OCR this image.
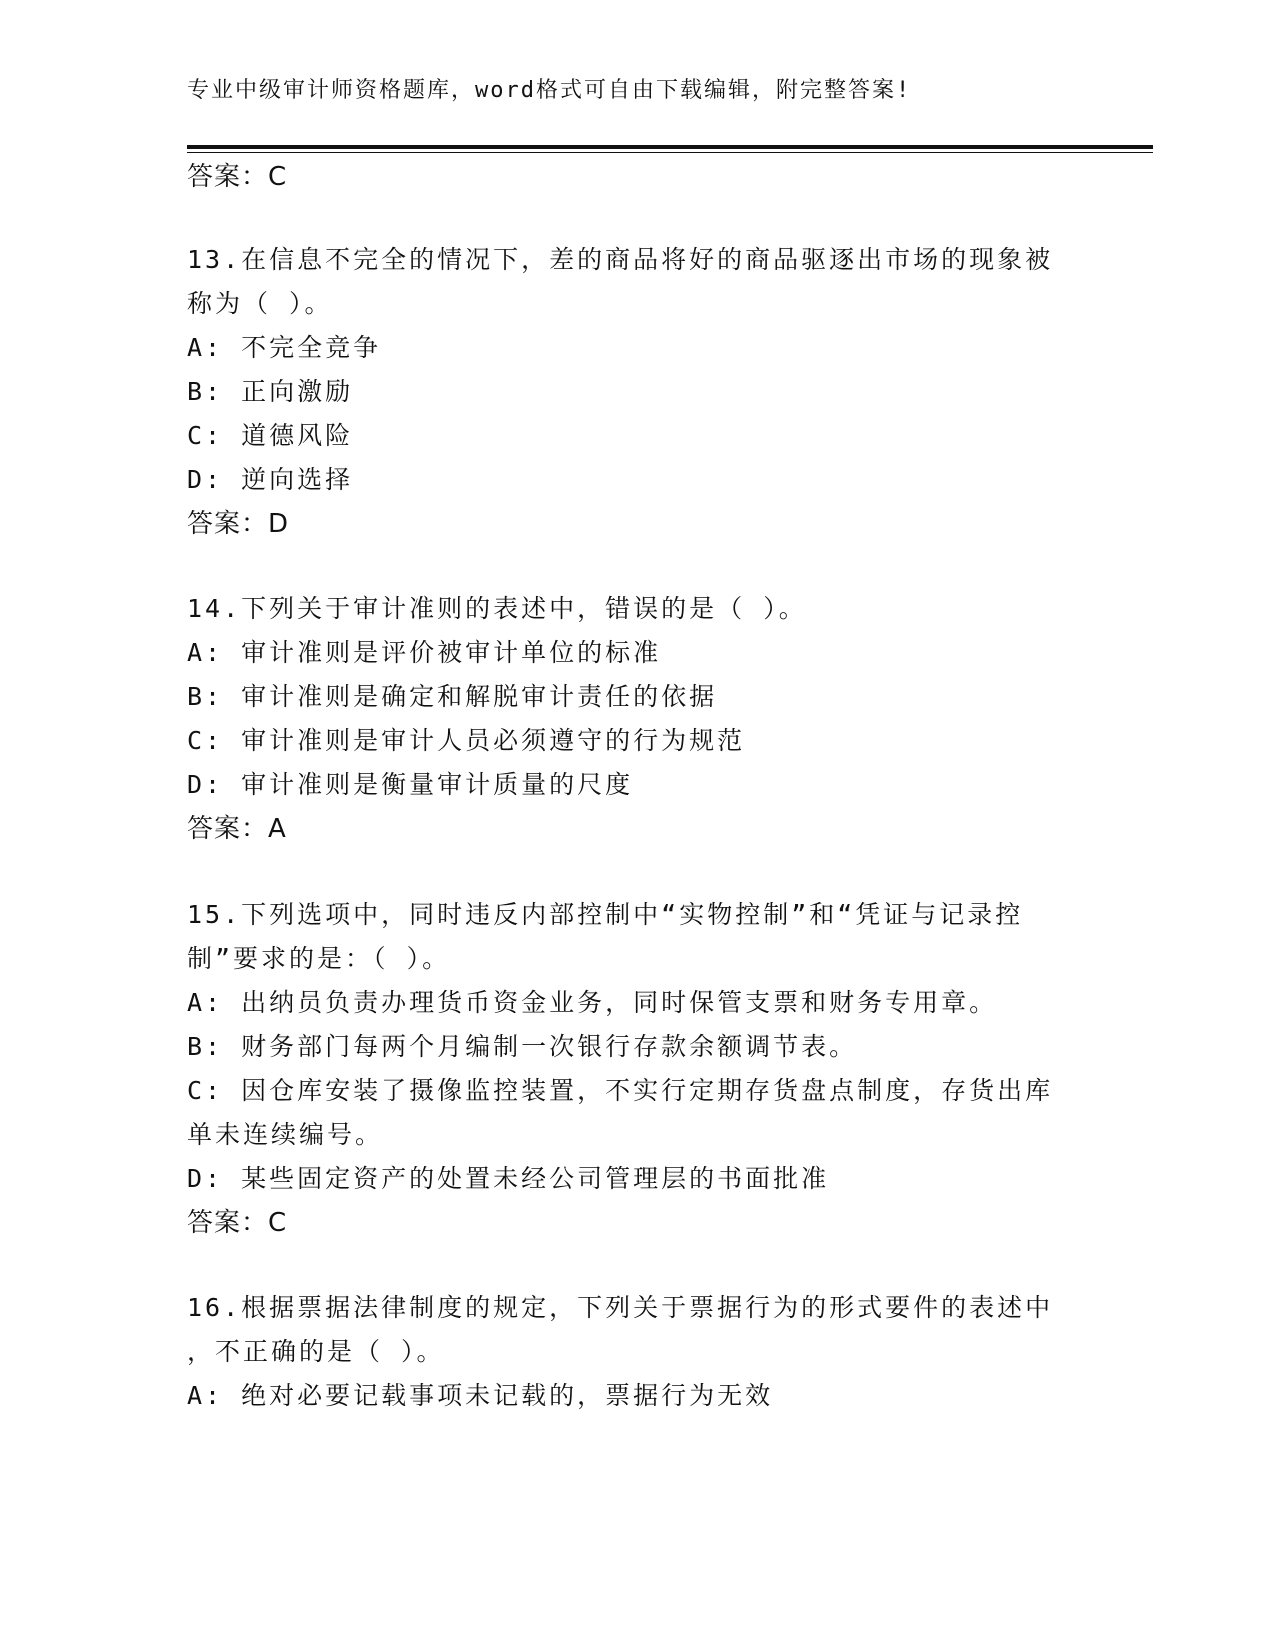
专业中级审计师资格题库，word格式可自由下载编辑，附完整答案!
答案：C
13.在信息不完全的情况下，差的商品将好的商品驱逐出市场的现象被
称为（ ）。
A: 不完全竞争
B: 正向激励
C: 道德风险
D: 逆向选择
答案：D
14.下列关于审计准则的表述中，错误的是（ ）。
A: 审计准则是评价被审计单位的标准
B: 审计准则是确定和解脱审计责任的依据
C: 审计准则是审计人员必须遵守的行为规范
D: 审计准则是衡量审计质量的尺度
答案：A
15.下列选项中，同时违反内部控制中“实物控制”和“凭证与记录控
制”要求的是：（ ）。
A: 出纳员负责办理货币资金业务，同时保管支票和财务专用章。
B: 财务部门每两个月编制一次银行存款余额调节表。
C: 因仓库安装了摄像监控装置，不实行定期存货盘点制度，存货出库
单未连续编号。
D: 某些固定资产的处置未经公司管理层的书面批准
答案：C
16.根据票据法律制度的规定，下列关于票据行为的形式要件的表述中
，不正确的是（ ）。
A: 绝对必要记载事项未记载的，票据行为无效
